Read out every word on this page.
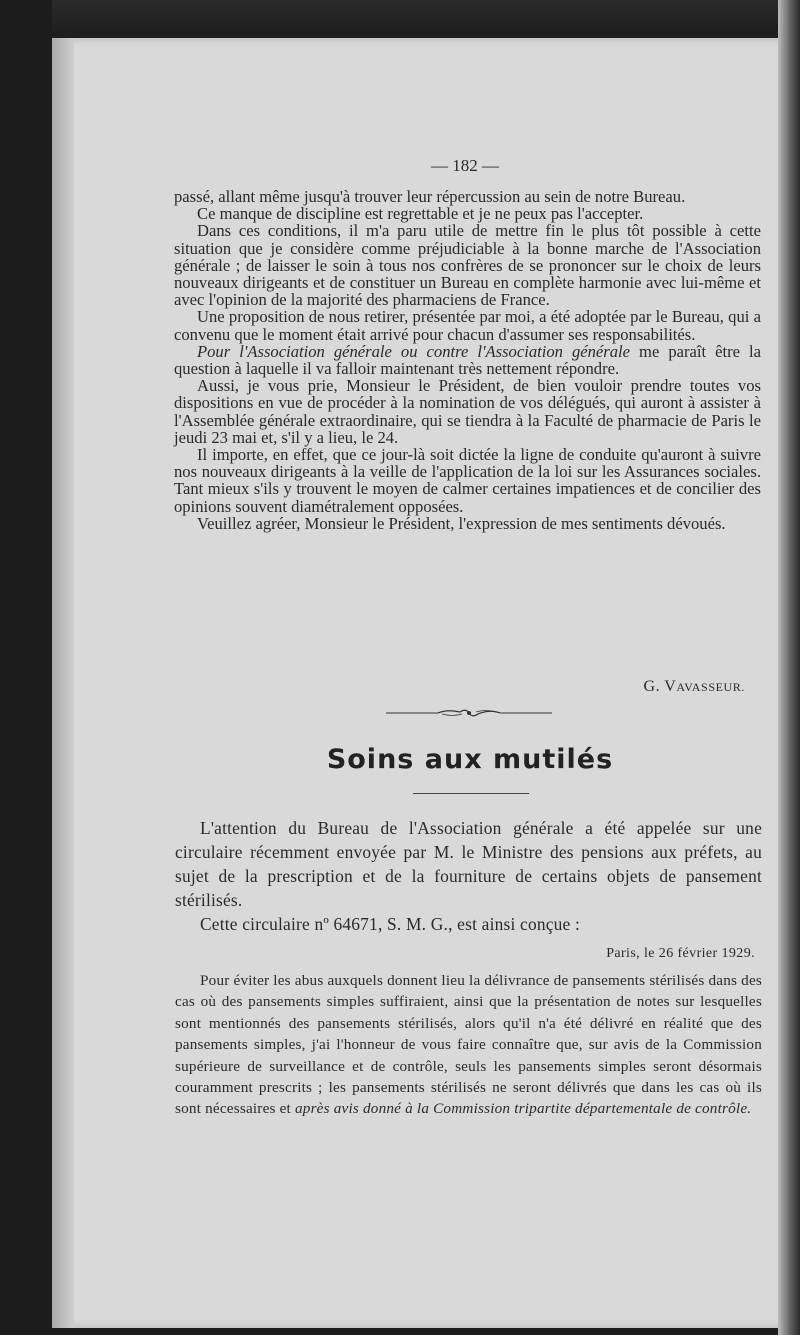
— 182 —

passé, allant même jusqu'à trouver leur répercussion au sein de notre Bureau.

Ce manque de discipline est regrettable et je ne peux pas l'accepter.

Dans ces conditions, il m'a paru utile de mettre fin le plus tôt possible à cette situation que je considère comme préjudiciable à la bonne marche de l'Association générale ; de laisser le soin à tous nos confrères de se prononcer sur le choix de leurs nouveaux dirigeants et de constituer un Bureau en complète harmonie avec lui-même et avec l'opinion de la majorité des pharmaciens de France.

Une proposition de nous retirer, présentée par moi, a été adoptée par le Bureau, qui a convenu que le moment était arrivé pour chacun d'assumer ses responsabilités.

Pour l'Association générale ou contre l'Association générale me paraît être la question à laquelle il va falloir maintenant très nettement répondre.

Aussi, je vous prie, Monsieur le Président, de bien vouloir prendre toutes vos dispositions en vue de procéder à la nomination de vos délégués, qui auront à assister à l'Assemblée générale extraordinaire, qui se tiendra à la Faculté de pharmacie de Paris le jeudi 23 mai et, s'il y a lieu, le 24.

Il importe, en effet, que ce jour-là soit dictée la ligne de conduite qu'auront à suivre nos nouveaux dirigeants à la veille de l'application de la loi sur les Assurances sociales. Tant mieux s'ils y trouvent le moyen de calmer certaines impatiences et de concilier des opinions souvent diamétralement opposées.

Veuillez agréer, Monsieur le Président, l'expression de mes sentiments dévoués.

G. VAVASSEUR.
Soins aux mutilés

L'attention du Bureau de l'Association générale a été appelée sur une circulaire récemment envoyée par M. le Ministre des pensions aux préfets, au sujet de la prescription et de la fourniture de certains objets de pansement stérilisés.

Cette circulaire nº 64671, S. M. G., est ainsi conçue :

Paris, le 26 février 1929.

Pour éviter les abus auxquels donnent lieu la délivrance de pansements stérilisés dans des cas où des pansements simples suffiraient, ainsi que la présentation de notes sur lesquelles sont mentionnés des pansements stérilisés, alors qu'il n'a été délivré en réalité que des pansements simples, j'ai l'honneur de vous faire connaître que, sur avis de la Commission supérieure de surveillance et de contrôle, seuls les pansements simples seront désormais couramment prescrits ; les pansements stérilisés ne seront délivrés que dans les cas où ils sont nécessaires et après avis donné à la Commission tripartite départementale de contrôle.
